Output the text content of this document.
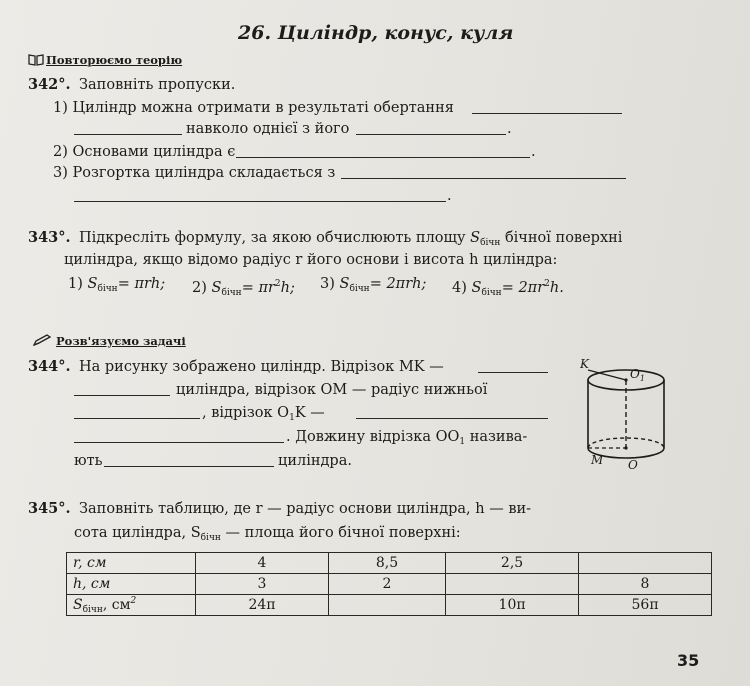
26. Циліндр, конус, куля
Повторюємо теорію
342°. Заповніть пропуски.
1) Циліндр можна отримати в результаті обертання
навколо однієї з його	.
2) Основами циліндра є	.
3) Розгортка циліндра складається з
.
343°. Підкресліть формулу, за якою обчислюють площу $S_{бічн}$ бічної поверхні
циліндра, якщо відомо радіус r його основи і висота h циліндра:
1) $S_{бічн}= \pi rh$; 2) $S_{бічн}= \pi r^2h$; 3) $S_{бічн}= 2\pi rh$; 4) $S_{бічн}= 2\pi r^2h$.
Розв'язуємо задачі
344°. На рисунку зображено циліндр. Відрізок MK —
циліндра, відрізок OM — радіус нижньої
, відрізок $O_1K$ —
. Довжину відрізка $OO_1$ назива-
ють	циліндра.
K
$O_1$
M O
345°. Заповніть таблицю, де r — радіус основи циліндра, h — ви-
сота циліндра, $S_{бічн}$ — площа його бічної поверхні:
r, см	4	8,5	2,5	
h, см	3	2		8
$S_{бічн}$, $см^2$	24π		10π	56π
35
